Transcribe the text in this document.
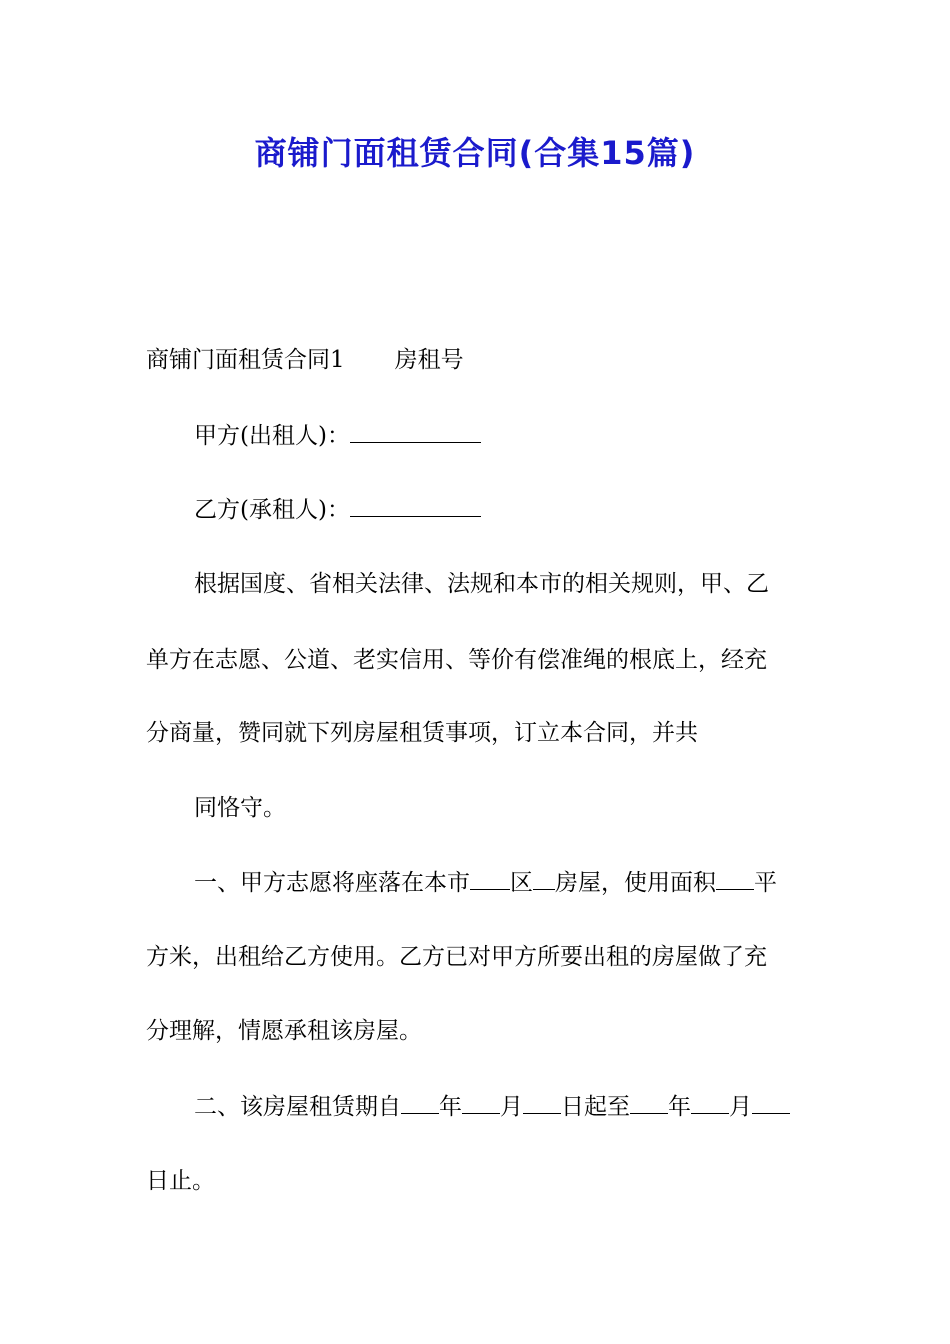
商铺门面租赁合同(合集15篇)
商铺门面租赁合同1 房租号
甲方(出租人)：
乙方(承租人)：
根据国度、省相关法律、法规和本市的相关规则，甲、乙
单方在志愿、公道、老实信用、等价有偿准绳的根底上，经充
分商量，赞同就下列房屋租赁事项，订立本合同，并共
同恪守。
一、甲方志愿将座落在本市 区 房屋，使用面积 平
方米，出租给乙方使用。乙方已对甲方所要出租的房屋做了充
分理解，情愿承租该房屋。
二、该房屋租赁期自 年 月 日起至 年 月
日止。
